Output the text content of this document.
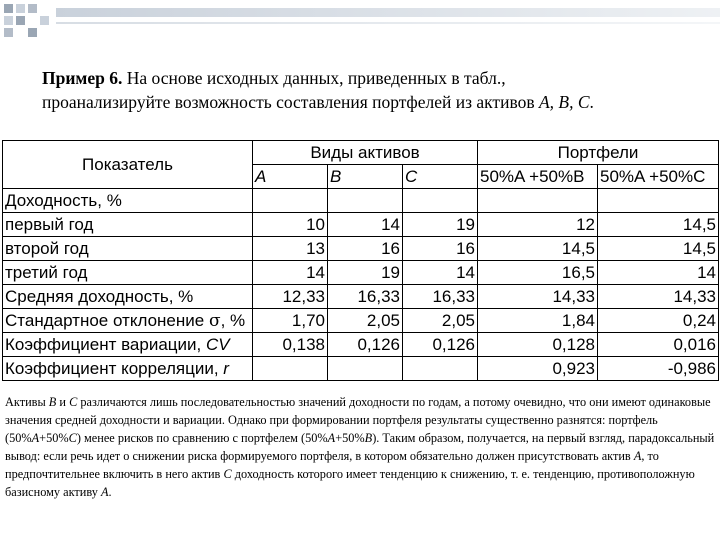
Пример 6. На основе исходных данных, приведенных в табл.,
проанализируйте возможность составления портфелей из активов A, B, C.
Показатель	Виды активов			Портфели	
	A	B	C	50%A +50%B	50%A +50%C
Доходность, %					
первый год	10	14	19	12	14,5
второй год	13	16	16	14,5	14,5
третий год	14	19	14	16,5	14
Средняя доходность, %	12,33	16,33	16,33	14,33	14,33
Стандартное отклонение σ, %	1,70	2,05	2,05	1,84	0,24
Коэффициент вариации, CV	0,138	0,126	0,126	0,128	0,016
Коэффициент корреляции, r				0,923	-0,986
Активы B и C различаются лишь последовательностью значений доходности по годам, а потому очевидно, что они имеют одинаковые значения средней доходности и вариации. Однако при формировании портфеля результаты существенно разнятся: портфель (50%A+50%C) менее рисков по сравнению с портфелем (50%A+50%B). Таким образом, получается, на первый взгляд, парадоксальный вывод: если речь идет о снижении риска формируемого портфеля, в котором обязательно должен присутствовать актив A, то предпочтительнее включить в него актив C доходность которого имеет тенденцию к снижению, т. е. тенденцию, противоположную базисному активу A.
